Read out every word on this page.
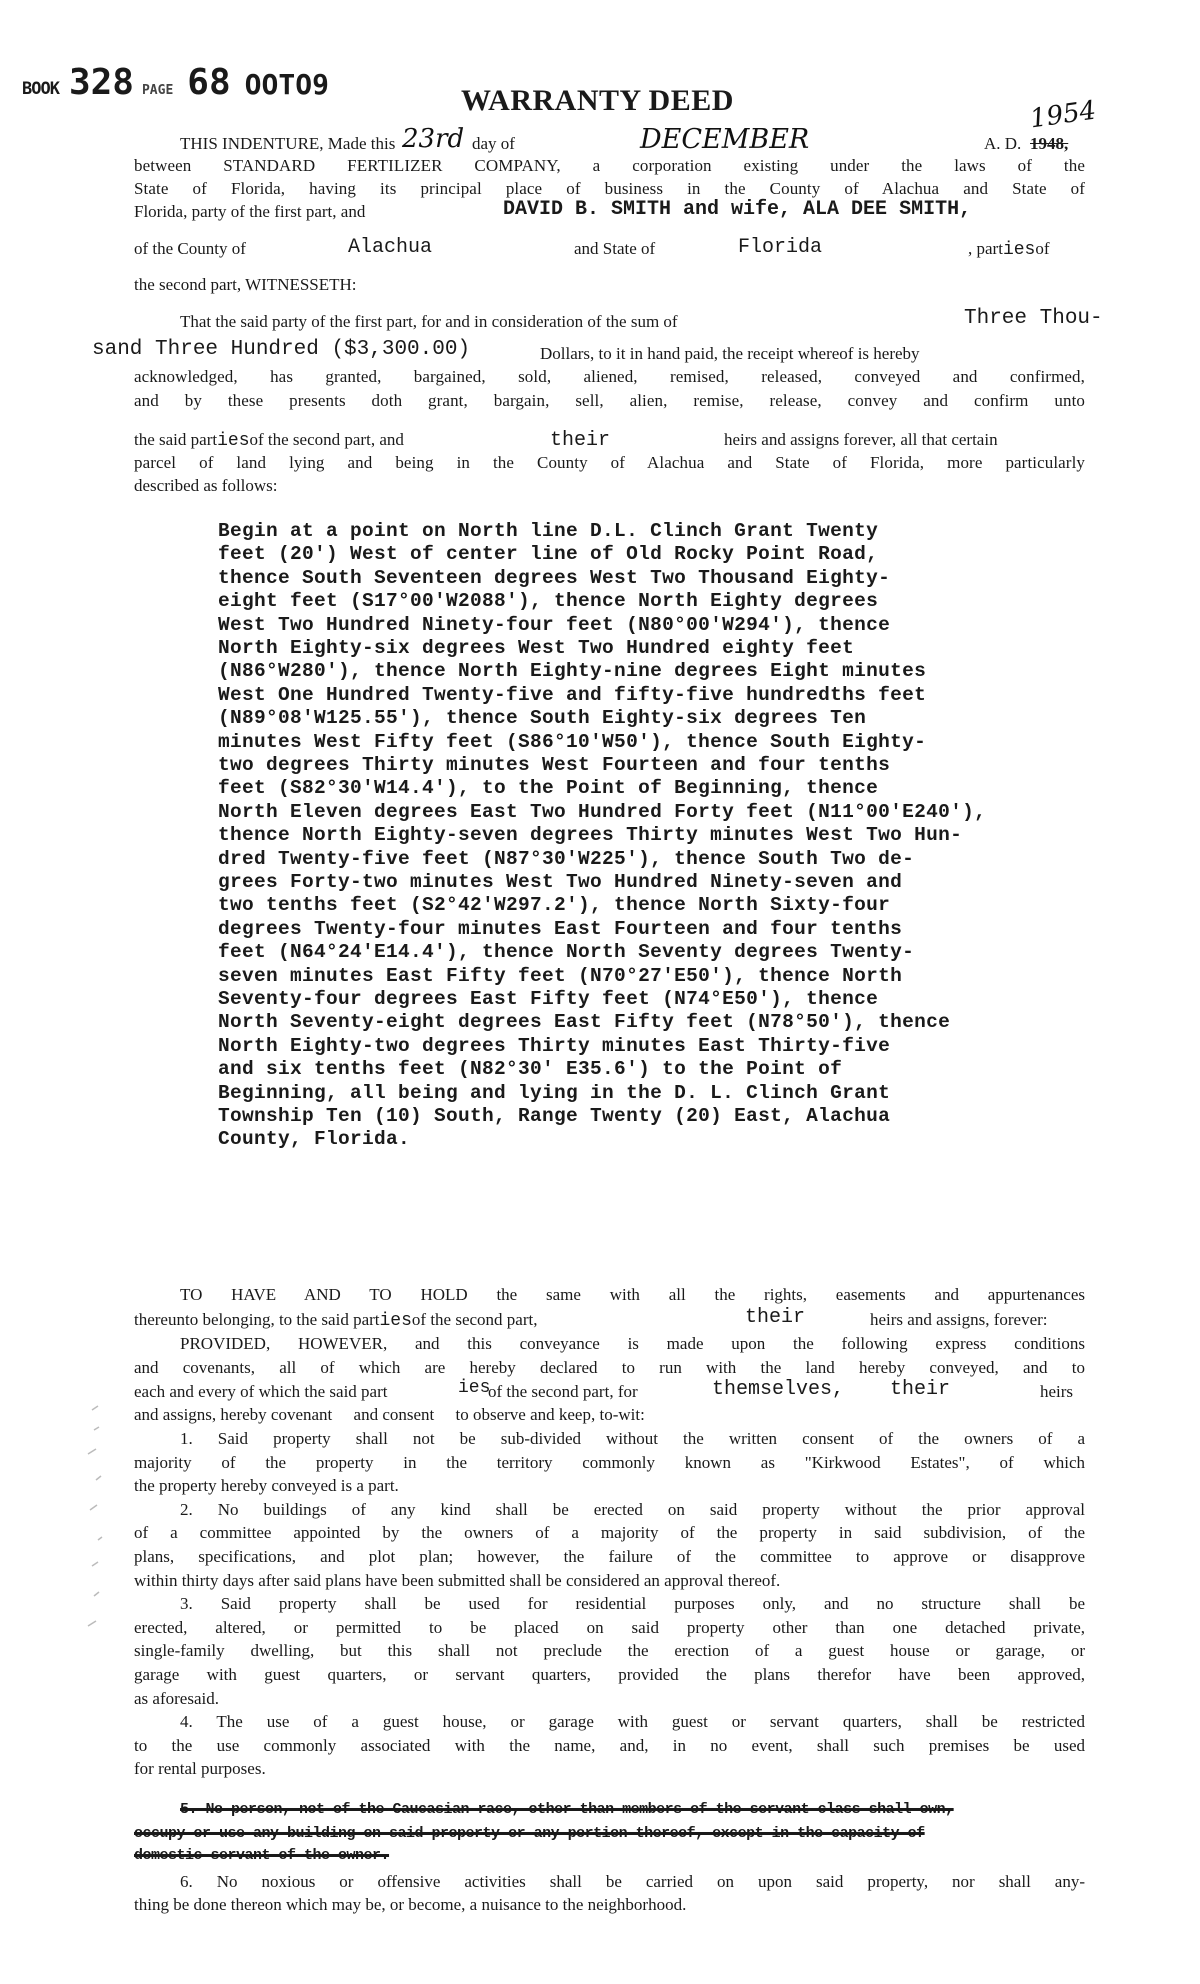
BOOK 328 PAGE 68 OOTO9	WARRANTY DEED
THIS INDENTURE, Made this 23rd day of	DECEMBER	A. D. 1948,
1954
between STANDARD FERTILIZER COMPANY, a corporation existing under the laws of the
State of Florida, having its principal place of business in the County of Alachua and State of
Florida, party of the first part, and	DAVID B. SMITH and wife, ALA DEE SMITH,
of the County of	Alachua	and State of	Florida	, partiesof
the second part, WITNESSETH:
That the said party of the first part, for and in consideration of the sum of	Three Thou-
sand Three Hundred ($3,300.00)	Dollars, to it in hand paid, the receipt whereof is hereby
acknowledged, has granted, bargained, sold, aliened, remised, released, conveyed and confirmed,
and by these presents doth grant, bargain, sell, alien, remise, release, convey and confirm unto
the said partiesof the second part, and	their	heirs and assigns forever, all that certain
parcel of land lying and being in the County of Alachua and State of Florida, more particularly
described as follows:
Begin at a point on North line D.L. Clinch Grant Twenty
feet (20') West of center line of Old Rocky Point Road,
thence South Seventeen degrees West Two Thousand Eighty-
eight feet (S17°00'W2088'), thence North Eighty degrees
West Two Hundred Ninety-four feet (N80°00'W294'), thence
North Eighty-six degrees West Two Hundred eighty feet
(N86°W280'), thence North Eighty-nine degrees Eight minutes
West One Hundred Twenty-five and fifty-five hundredths feet
(N89°08'W125.55'), thence South Eighty-six degrees Ten
minutes West Fifty feet (S86°10'W50'), thence South Eighty-
two degrees Thirty minutes West Fourteen and four tenths
feet (S82°30'W14.4'), to the Point of Beginning, thence
North Eleven degrees East Two Hundred Forty feet (N11°00'E240'),
thence North Eighty-seven degrees Thirty minutes West Two Hun-
dred Twenty-five feet (N87°30'W225'), thence South Two de-
grees Forty-two minutes West Two Hundred Ninety-seven and
two tenths feet (S2°42'W297.2'), thence North Sixty-four
degrees Twenty-four minutes East Fourteen and four tenths
feet (N64°24'E14.4'), thence North Seventy degrees Twenty-
seven minutes East Fifty feet (N70°27'E50'), thence North
Seventy-four degrees East Fifty feet (N74°E50'), thence
North Seventy-eight degrees East Fifty feet (N78°50'), thence
North Eighty-two degrees Thirty minutes East Thirty-five
and six tenths feet (N82°30' E35.6') to the Point of
Beginning, all being and lying in the D. L. Clinch Grant
Township Ten (10) South, Range Twenty (20) East, Alachua
County, Florida.
TO HAVE AND TO HOLD the same with all the rights, easements and appurtenances
thereunto belonging, to the said partiesof the second part,	their	heirs and assigns, forever:
PROVIDED, HOWEVER, and this conveyance is made upon the following express conditions
and covenants, all of which are hereby declared to run with the land hereby conveyed, and to
each and every of which the said part	ies
of the second part, for	themselves, their	heirs
and assigns, hereby covenant     and consent     to observe and keep, to-wit:
1. Said property shall not be sub-divided without the written consent of the owners of a
majority of the property in the territory commonly known as "Kirkwood Estates", of which
the property hereby conveyed is a part.
2. No buildings of any kind shall be erected on said property without the prior approval
of a committee appointed by the owners of a majority of the property in said subdivision, of the
plans, specifications, and plot plan; however, the failure of the committee to approve or disapprove
within thirty days after said plans have been submitted shall be considered an approval thereof.
3. Said property shall be used for residential purposes only, and no structure shall be
erected, altered, or permitted to be placed on said property other than one detached private,
single-family dwelling, but this shall not preclude the erection of a guest house or garage, or
garage with guest quarters, or servant quarters, provided the plans therefor have been approved,
as aforesaid.
4. The use of a guest house, or garage with guest or servant quarters, shall be restricted
to the use commonly associated with the name, and, in no event, shall such premises be used
for rental purposes.
5. No person, not of the Caucasian race, other than members of the servant class shall own,
occupy or use any building on said property or any portion thereof, except in the capacity of
domestic servant of the owner.
6. No noxious or offensive activities shall be carried on upon said property, nor shall any-
thing be done thereon which may be, or become, a nuisance to the neighborhood.
